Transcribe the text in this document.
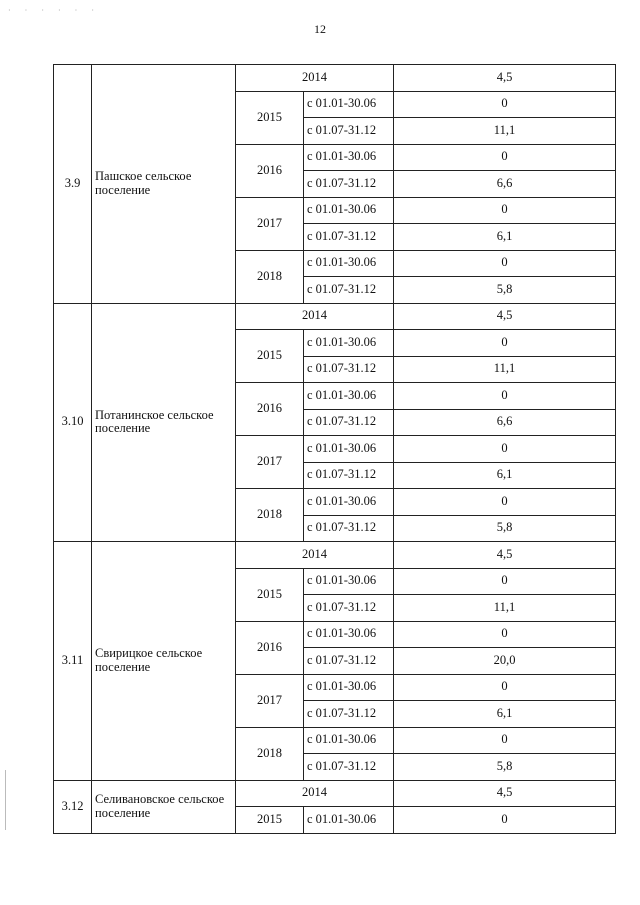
· · · · · ·
12
3.9	Пашское сельское поселение	2014		4,5
		2015	с 01.01-30.06	0
			с 01.07-31.12	11,1
		2016	с 01.01-30.06	0
			с 01.07-31.12	6,6
		2017	с 01.01-30.06	0
			с 01.07-31.12	6,1
		2018	с 01.01-30.06	0
			с 01.07-31.12	5,8
3.10	Потанинское сельское поселение	2014		4,5
		2015	с 01.01-30.06	0
			с 01.07-31.12	11,1
		2016	с 01.01-30.06	0
			с 01.07-31.12	6,6
		2017	с 01.01-30.06	0
			с 01.07-31.12	6,1
		2018	с 01.01-30.06	0
			с 01.07-31.12	5,8
3.11	Свирицкое сельское поселение	2014		4,5
		2015	с 01.01-30.06	0
			с 01.07-31.12	11,1
		2016	с 01.01-30.06	0
			с 01.07-31.12	20,0
		2017	с 01.01-30.06	0
			с 01.07-31.12	6,1
		2018	с 01.01-30.06	0
			с 01.07-31.12	5,8
3.12	Селивановское сельское поселение	2014		4,5
		2015	с 01.01-30.06	0
